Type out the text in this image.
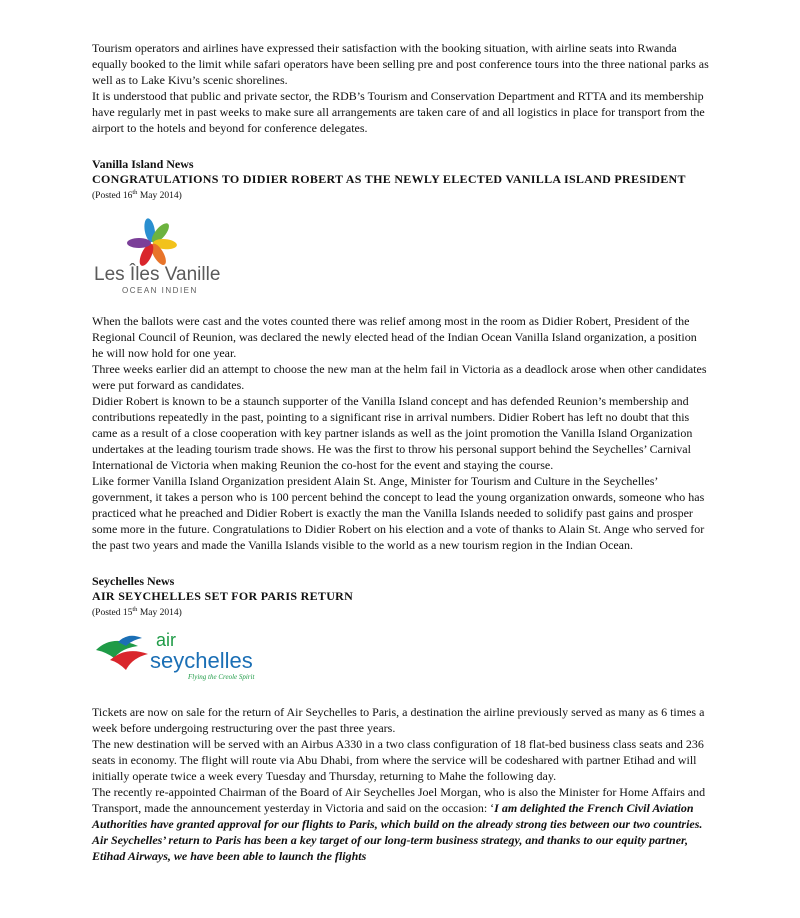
Tourism operators and airlines have expressed their satisfaction with the booking situation, with airline seats into Rwanda equally booked to the limit while safari operators have been selling pre and post conference tours into the three national parks as well as to Lake Kivu’s scenic shorelines.

It is understood that public and private sector, the RDB’s Tourism and Conservation Department and RTTA and its membership have regularly met in past weeks to make sure all arrangements are taken care of and all logistics in place for transport from the airport to the hotels and beyond for conference delegates.

Vanilla Island News
CONGRATULATIONS TO DIDIER ROBERT AS THE NEWLY ELECTED VANILLA ISLAND PRESIDENT
(Posted 16th May 2014)
Les Îles Vanille
OCEAN INDIEN

When the ballots were cast and the votes counted there was relief among most in the room as Didier Robert, President of the Regional Council of Reunion, was declared the newly elected head of the Indian Ocean Vanilla Island organization, a position he will now hold for one year.

Three weeks earlier did an attempt to choose the new man at the helm fail in Victoria as a deadlock arose when other candidates were put forward as candidates.

Didier Robert is known to be a staunch supporter of the Vanilla Island concept and has defended Reunion’s membership and contributions repeatedly in the past, pointing to a significant rise in arrival numbers. Didier Robert has left no doubt that this came as a result of a close cooperation with key partner islands as well as the joint promotion the Vanilla Island Organization undertakes at the leading tourism trade shows. He was the first to throw his personal support behind the Seychelles’ Carnival International de Victoria when making Reunion the co-host for the event and staying the course.

Like former Vanilla Island Organization president Alain St. Ange, Minister for Tourism and Culture in the Seychelles’ government, it takes a person who is 100 percent behind the concept to lead the young organization onwards, someone who has practiced what he preached and Didier Robert is exactly the man the Vanilla Islands needed to solidify past gains and prosper some more in the future. Congratulations to Didier Robert on his election and a vote of thanks to Alain St. Ange who served for the past two years and made the Vanilla Islands visible to the world as a new tourism region in the Indian Ocean.

Seychelles News
AIR SEYCHELLES SET FOR PARIS RETURN
(Posted 15th May 2014)
air
seychelles
Flying the Creole Spirit

Tickets are now on sale for the return of Air Seychelles to Paris, a destination the airline previously served as many as 6 times a week before undergoing restructuring over the past three years.

The new destination will be served with an Airbus A330 in a two class configuration of 18 flat-bed business class seats and 236 seats in economy. The flight will route via Abu Dhabi, from where the service will be codeshared with partner Etihad and will initially operate twice a week every Tuesday and Thursday, returning to Mahe the following day.

The recently re-appointed Chairman of the Board of Air Seychelles Joel Morgan, who is also the Minister for Home Affairs and Transport, made the announcement yesterday in Victoria and said on the occasion: ‘I am delighted the French Civil Aviation Authorities have granted approval for our flights to Paris, which build on the already strong ties between our two countries. Air Seychelles’ return to Paris has been a key target of our long-term business strategy, and thanks to our equity partner, Etihad Airways, we have been able to launch the flights
